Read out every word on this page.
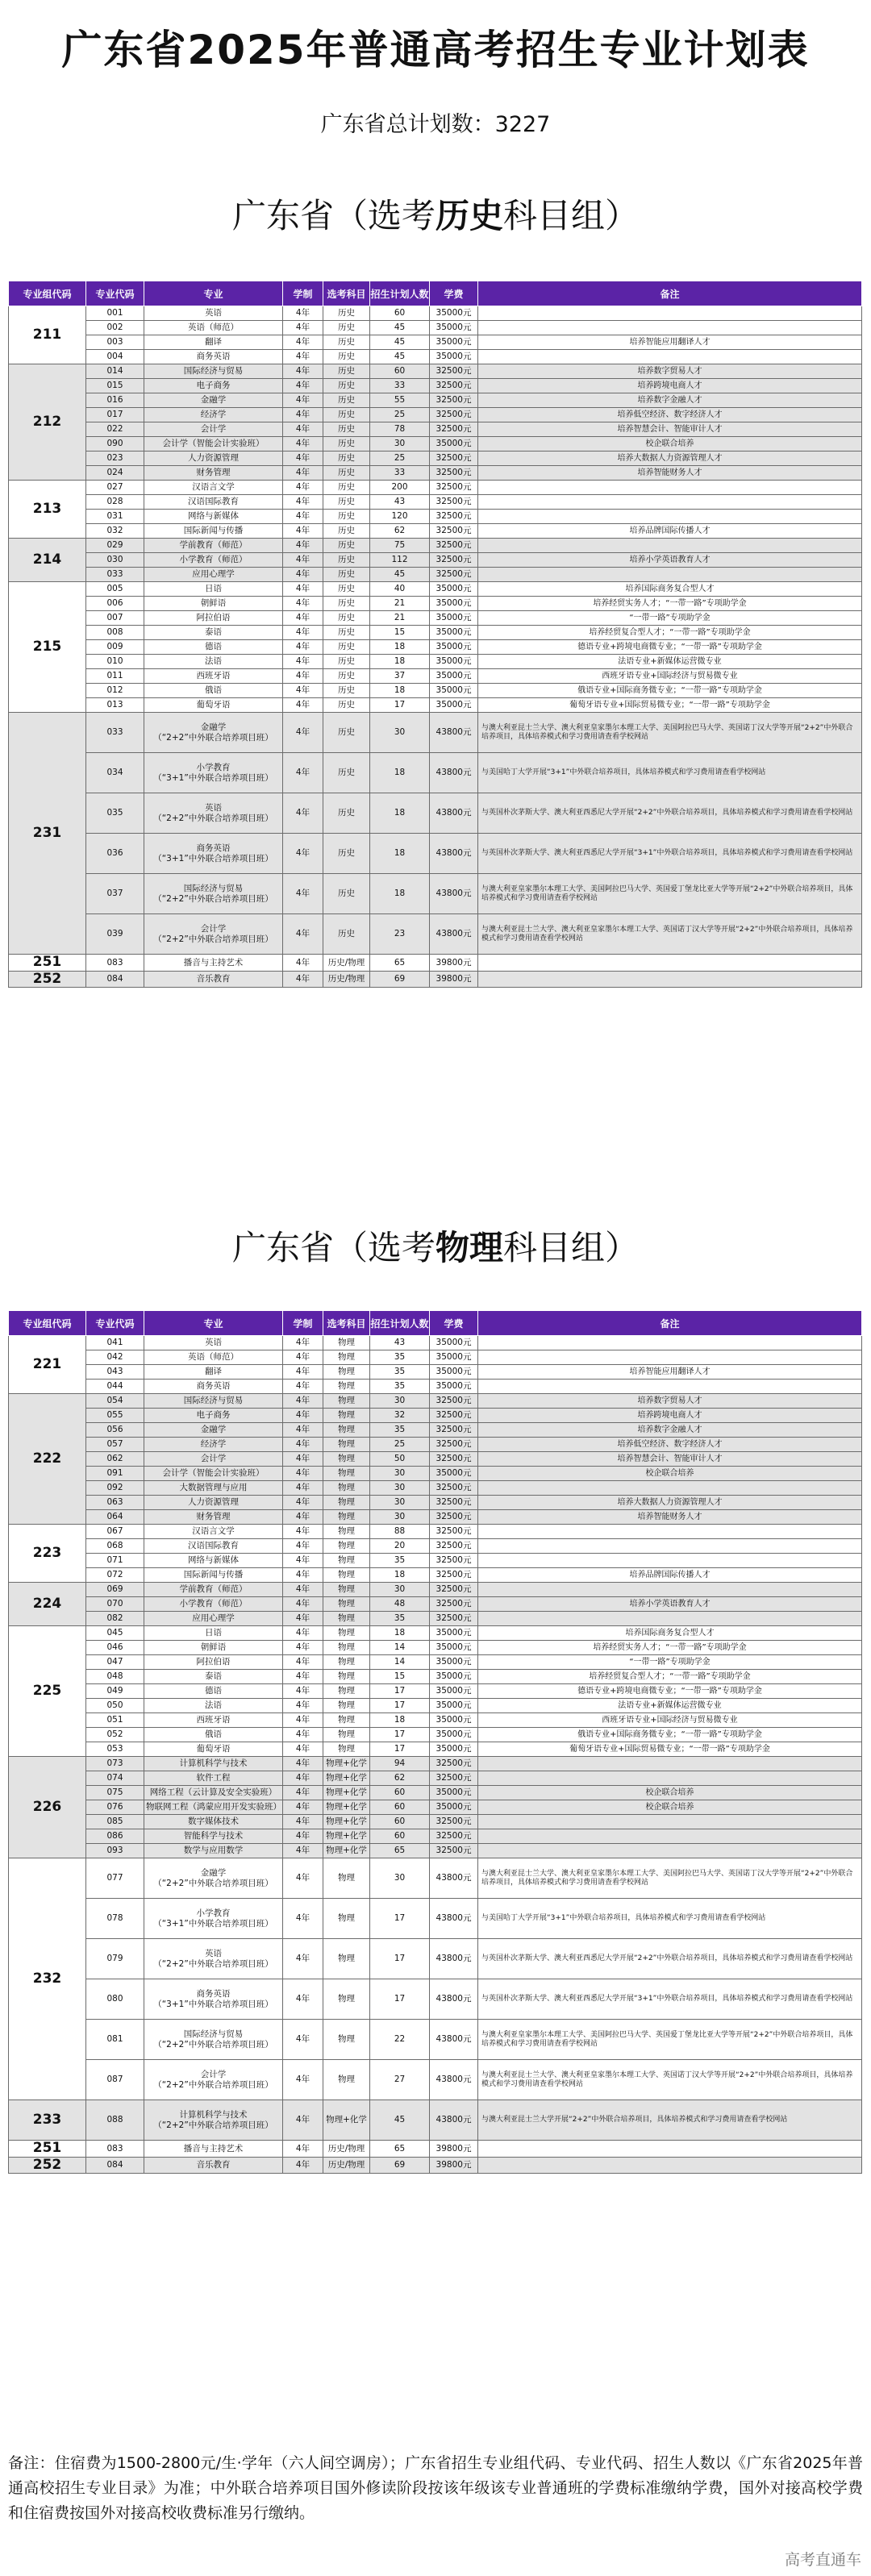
广东省2025年普通高考招生专业计划表
广东省总计划数：3227
广东省（选考历史科目组）
专业组代码	专业代码	专业	学制	选考科目	招生计划人数	学费	备注
211	001	英语	4年	历史	60	35000元	
	002	英语（师范）	4年	历史	45	35000元	
	003	翻译	4年	历史	45	35000元	培养智能应用翻译人才
	004	商务英语	4年	历史	45	35000元	
212	014	国际经济与贸易	4年	历史	60	32500元	培养数字贸易人才
	015	电子商务	4年	历史	33	32500元	培养跨境电商人才
	016	金融学	4年	历史	55	32500元	培养数字金融人才
	017	经济学	4年	历史	25	32500元	培养低空经济、数字经济人才
	022	会计学	4年	历史	78	32500元	培养智慧会计、智能审计人才
	090	会计学（智能会计实验班）	4年	历史	30	35000元	校企联合培养
	023	人力资源管理	4年	历史	25	32500元	培养大数据人力资源管理人才
	024	财务管理	4年	历史	33	32500元	培养智能财务人才
213	027	汉语言文学	4年	历史	200	32500元	
	028	汉语国际教育	4年	历史	43	32500元	
	031	网络与新媒体	4年	历史	120	32500元	
	032	国际新闻与传播	4年	历史	62	32500元	培养品牌国际传播人才
214	029	学前教育（师范）	4年	历史	75	32500元	
	030	小学教育（师范）	4年	历史	112	32500元	培养小学英语教育人才
	033	应用心理学	4年	历史	45	32500元	
215	005	日语	4年	历史	40	35000元	培养国际商务复合型人才
	006	朝鲜语	4年	历史	21	35000元	培养经贸实务人才；“一带一路”专项助学金
	007	阿拉伯语	4年	历史	21	35000元	“一带一路”专项助学金
	008	泰语	4年	历史	15	35000元	培养经贸复合型人才；“一带一路”专项助学金
	009	德语	4年	历史	18	35000元	德语专业+跨境电商微专业；“一带一路”专项助学金
	010	法语	4年	历史	18	35000元	法语专业+新媒体运营微专业
	011	西班牙语	4年	历史	37	35000元	西班牙语专业+国际经济与贸易微专业
	012	俄语	4年	历史	18	35000元	俄语专业+国际商务微专业；“一带一路”专项助学金
	013	葡萄牙语	4年	历史	17	35000元	葡萄牙语专业+国际贸易微专业；“一带一路”专项助学金
231	033	金融学
（“2+2”中外联合培养项目班）	4年	历史	30	43800元	与澳大利亚昆士兰大学、澳大利亚皇家墨尔本理工大学、美国阿拉巴马大学、英国诺丁汉大学等开展“2+2”中外联合培养项目，具体培养模式和学习费用请查看学校网站
	034	小学教育
（“3+1”中外联合培养项目班）	4年	历史	18	43800元	与美国哈丁大学开展“3+1”中外联合培养项目，具体培养模式和学习费用请查看学校网站
	035	英语
（“2+2”中外联合培养项目班）	4年	历史	18	43800元	与英国朴次茅斯大学、澳大利亚西悉尼大学开展“2+2”中外联合培养项目，具体培养模式和学习费用请查看学校网站
	036	商务英语
（“3+1”中外联合培养项目班）	4年	历史	18	43800元	与英国朴次茅斯大学、澳大利亚西悉尼大学开展“3+1”中外联合培养项目，具体培养模式和学习费用请查看学校网站
	037	国际经济与贸易
（“2+2”中外联合培养项目班）	4年	历史	18	43800元	与澳大利亚皇家墨尔本理工大学、美国阿拉巴马大学、英国爱丁堡龙比亚大学等开展“2+2”中外联合培养项目，具体培养模式和学习费用请查看学校网站
	039	会计学
（“2+2”中外联合培养项目班）	4年	历史	23	43800元	与澳大利亚昆士兰大学、澳大利亚皇家墨尔本理工大学、英国诺丁汉大学等开展“2+2”中外联合培养项目，具体培养模式和学习费用请查看学校网站
251	083	播音与主持艺术	4年	历史/物理	65	39800元	
252	084	音乐教育	4年	历史/物理	69	39800元	
广东省（选考物理科目组）
专业组代码	专业代码	专业	学制	选考科目	招生计划人数	学费	备注
221	041	英语	4年	物理	43	35000元	
	042	英语（师范）	4年	物理	35	35000元	
	043	翻译	4年	物理	35	35000元	培养智能应用翻译人才
	044	商务英语	4年	物理	35	35000元	
222	054	国际经济与贸易	4年	物理	30	32500元	培养数字贸易人才
	055	电子商务	4年	物理	32	32500元	培养跨境电商人才
	056	金融学	4年	物理	35	32500元	培养数字金融人才
	057	经济学	4年	物理	25	32500元	培养低空经济、数字经济人才
	062	会计学	4年	物理	50	32500元	培养智慧会计、智能审计人才
	091	会计学（智能会计实验班）	4年	物理	30	35000元	校企联合培养
	092	大数据管理与应用	4年	物理	30	32500元	
	063	人力资源管理	4年	物理	30	32500元	培养大数据人力资源管理人才
	064	财务管理	4年	物理	30	32500元	培养智能财务人才
223	067	汉语言文学	4年	物理	88	32500元	
	068	汉语国际教育	4年	物理	20	32500元	
	071	网络与新媒体	4年	物理	35	32500元	
	072	国际新闻与传播	4年	物理	18	32500元	培养品牌国际传播人才
224	069	学前教育（师范）	4年	物理	30	32500元	
	070	小学教育（师范）	4年	物理	48	32500元	培养小学英语教育人才
	082	应用心理学	4年	物理	35	32500元	
225	045	日语	4年	物理	18	35000元	培养国际商务复合型人才
	046	朝鲜语	4年	物理	14	35000元	培养经贸实务人才；“一带一路”专项助学金
	047	阿拉伯语	4年	物理	14	35000元	“一带一路”专项助学金
	048	泰语	4年	物理	15	35000元	培养经贸复合型人才；“一带一路”专项助学金
	049	德语	4年	物理	17	35000元	德语专业+跨境电商微专业；“一带一路”专项助学金
	050	法语	4年	物理	17	35000元	法语专业+新媒体运营微专业
	051	西班牙语	4年	物理	18	35000元	西班牙语专业+国际经济与贸易微专业
	052	俄语	4年	物理	17	35000元	俄语专业+国际商务微专业；“一带一路”专项助学金
	053	葡萄牙语	4年	物理	17	35000元	葡萄牙语专业+国际贸易微专业；“一带一路”专项助学金
226	073	计算机科学与技术	4年	物理+化学	94	32500元	
	074	软件工程	4年	物理+化学	62	32500元	
	075	网络工程（云计算及安全实验班）	4年	物理+化学	60	35000元	校企联合培养
	076	物联网工程（鸿蒙应用开发实验班）	4年	物理+化学	60	35000元	校企联合培养
	085	数字媒体技术	4年	物理+化学	60	32500元	
	086	智能科学与技术	4年	物理+化学	60	32500元	
	093	数学与应用数学	4年	物理+化学	65	32500元	
232	077	金融学
（“2+2”中外联合培养项目班）	4年	物理	30	43800元	与澳大利亚昆士兰大学、澳大利亚皇家墨尔本理工大学、美国阿拉巴马大学、英国诺丁汉大学等开展“2+2”中外联合培养项目，具体培养模式和学习费用请查看学校网站
	078	小学教育
（“3+1”中外联合培养项目班）	4年	物理	17	43800元	与美国哈丁大学开展“3+1”中外联合培养项目，具体培养模式和学习费用请查看学校网站
	079	英语
（“2+2”中外联合培养项目班）	4年	物理	17	43800元	与英国朴次茅斯大学、澳大利亚西悉尼大学开展“2+2”中外联合培养项目，具体培养模式和学习费用请查看学校网站
	080	商务英语
（“3+1”中外联合培养项目班）	4年	物理	17	43800元	与英国朴次茅斯大学、澳大利亚西悉尼大学开展“3+1”中外联合培养项目，具体培养模式和学习费用请查看学校网站
	081	国际经济与贸易
（“2+2”中外联合培养项目班）	4年	物理	22	43800元	与澳大利亚皇家墨尔本理工大学、美国阿拉巴马大学、英国爱丁堡龙比亚大学等开展“2+2”中外联合培养项目，具体培养模式和学习费用请查看学校网站
	087	会计学
（“2+2”中外联合培养项目班）	4年	物理	27	43800元	与澳大利亚昆士兰大学、澳大利亚皇家墨尔本理工大学、英国诺丁汉大学等开展“2+2”中外联合培养项目，具体培养模式和学习费用请查看学校网站
233	088	计算机科学与技术
（“2+2”中外联合培养项目班）	4年	物理+化学	45	43800元	与澳大利亚昆士兰大学开展“2+2”中外联合培养项目，具体培养模式和学习费用请查看学校网站
251	083	播音与主持艺术	4年	历史/物理	65	39800元	
252	084	音乐教育	4年	历史/物理	69	39800元	
备注：住宿费为1500-2800元/生·学年（六人间空调房）；广东省招生专业组代码、专业代码、招生人数以《广东省2025年普通高校招生专业目录》为准；中外联合培养项目国外修读阶段按该年级该专业普通班的学费标准缴纳学费，国外对接高校学费和住宿费按国外对接高校收费标准另行缴纳。
高考直通车
